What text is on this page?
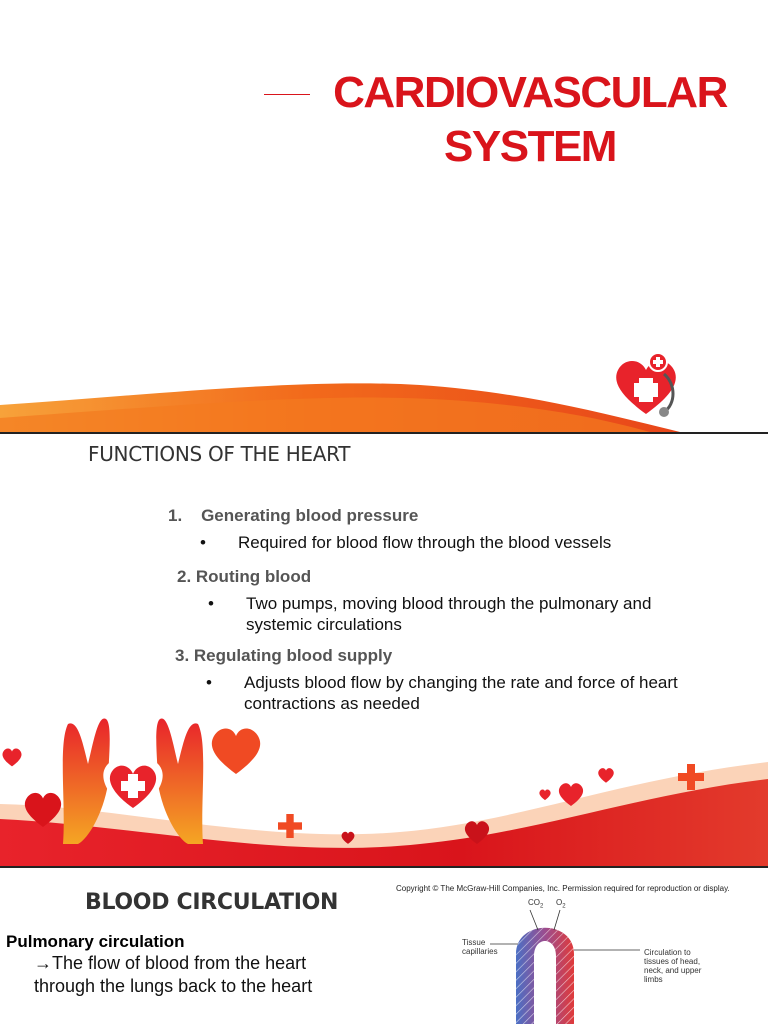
CARDIOVASCULAR
SYSTEM
FUNCTIONS OF THE HEART
1.    Generating blood pressure
• Required for blood flow through the blood vessels
2. Routing blood
• Two pumps, moving blood through the pulmonary and systemic circulations
3. Regulating blood supply
• Adjusts blood flow by changing the rate and force of heart contractions as needed
BLOOD CIRCULATION
Pulmonary circulation
→The flow of blood from the heart through the lungs back to the heart
Copyright © The McGraw-Hill Companies, Inc. Permission required for reproduction or display.
$CO_2$ $O_2$
Tissue
capillaries	Circulation to
tissues of head,
neck, and upper
limbs
